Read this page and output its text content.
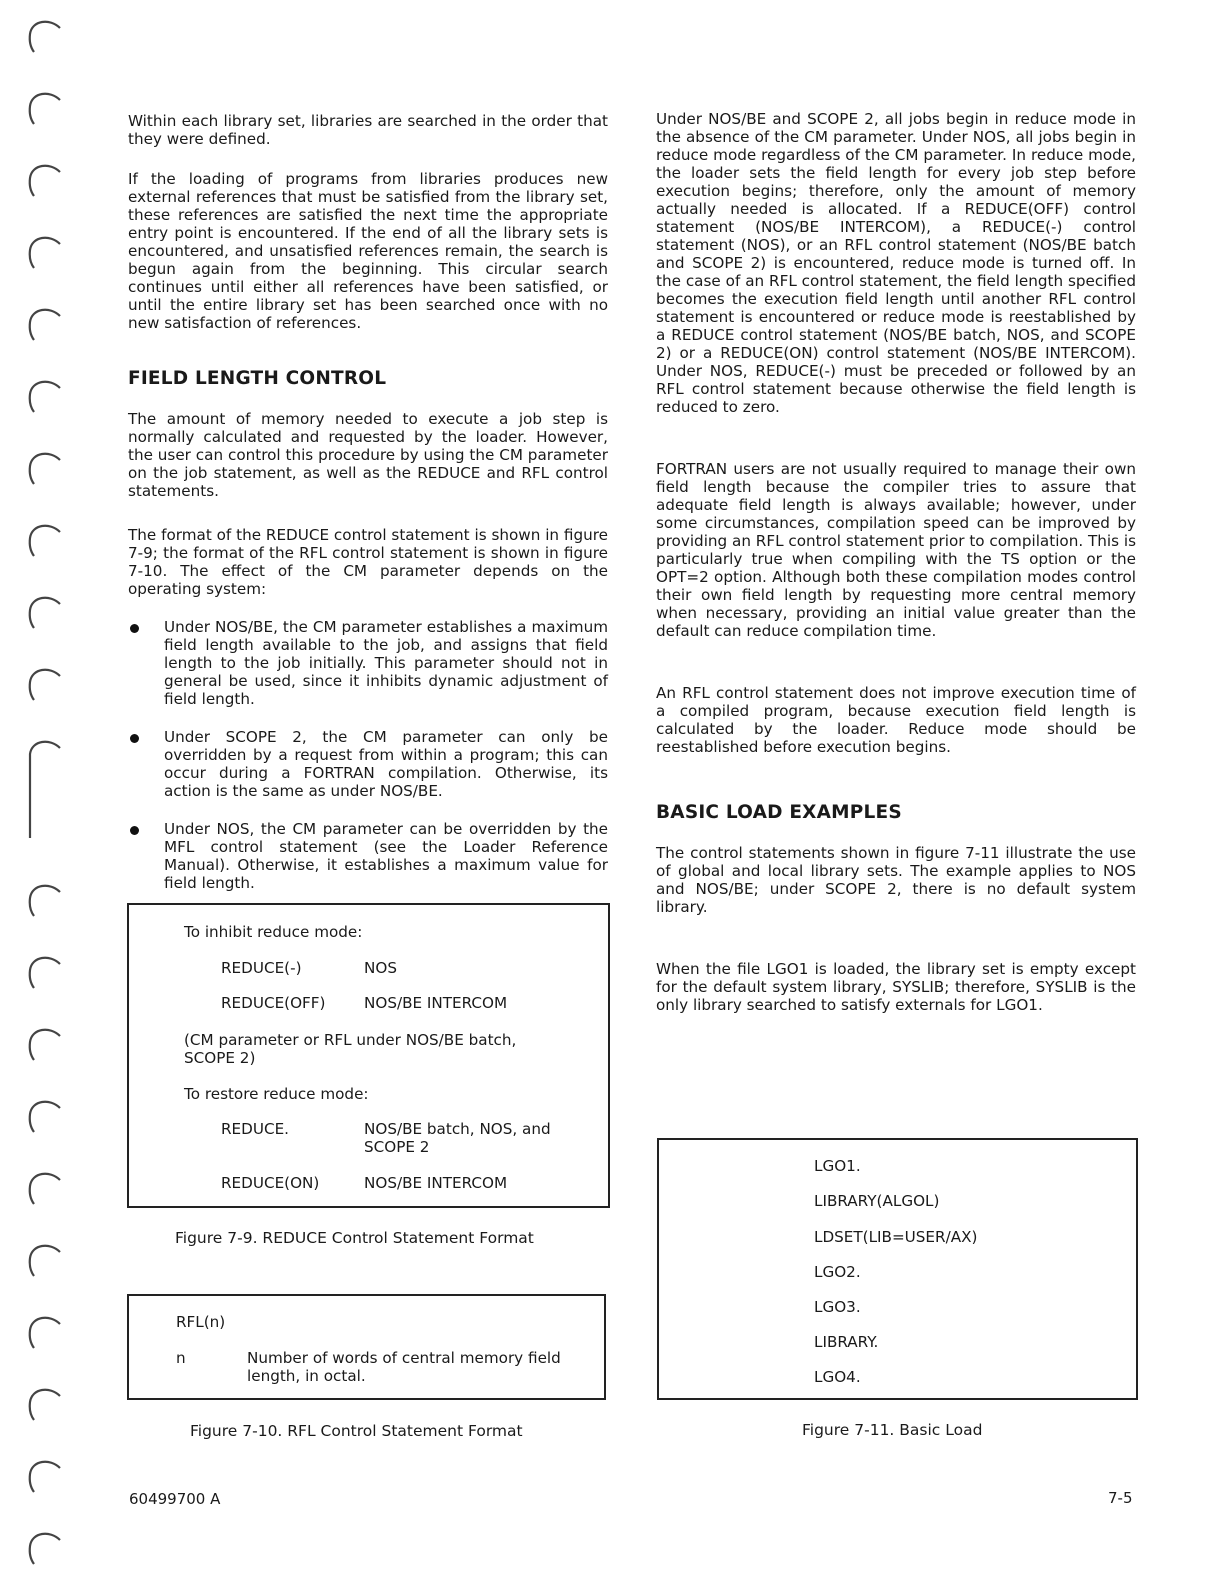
Within each library set, libraries are searched in the order that they were defined.

If the loading of programs from libraries produces new external references that must be satisfied from the library set, these references are satisfied the next time the appropriate entry point is encountered. If the end of all the library sets is encountered, and unsatisfied references remain, the search is begun again from the beginning. This circular search continues until either all references have been satisfied, or until the entire library set has been searched once with no new satisfaction of references.

FIELD LENGTH CONTROL

The amount of memory needed to execute a job step is normally calculated and requested by the loader. However, the user can control this procedure by using the CM parameter on the job statement, as well as the REDUCE and RFL control statements.

The format of the REDUCE control statement is shown in figure 7-9; the format of the RFL control statement is shown in figure 7-10. The effect of the CM parameter depends on the operating system:

Under NOS/BE, the CM parameter establishes a maximum field length available to the job, and assigns that field length to the job initially. This parameter should not in general be used, since it inhibits dynamic adjustment of field length.

Under SCOPE 2, the CM parameter can only be overridden by a request from within a program; this can occur during a FORTRAN compilation. Otherwise, its action is the same as under NOS/BE.

Under NOS, the CM parameter can be overridden by the MFL control statement (see the Loader Reference Manual). Otherwise, it establishes a maximum value for field length.

To inhibit reduce mode:
REDUCE(-)	NOS
REDUCE(OFF)	NOS/BE INTERCOM
(CM parameter or RFL under NOS/BE batch,
SCOPE 2)
To restore reduce mode:
REDUCE.	NOS/BE batch, NOS, and
SCOPE 2
REDUCE(ON)	NOS/BE INTERCOM
Figure 7-9. REDUCE Control Statement Format
RFL(n)
n	Number of words of central memory field
length, in octal.
Figure 7-10. RFL Control Statement Format

Under NOS/BE and SCOPE 2, all jobs begin in reduce mode in the absence of the CM parameter. Under NOS, all jobs begin in reduce mode regardless of the CM parameter. In reduce mode, the loader sets the field length for every job step before execution begins; therefore, only the amount of memory actually needed is allocated. If a REDUCE(OFF) control statement (NOS/BE INTERCOM), a REDUCE(-) control statement (NOS), or an RFL control statement (NOS/BE batch and SCOPE 2) is encountered, reduce mode is turned off. In the case of an RFL control statement, the field length specified becomes the execution field length until another RFL control statement is encountered or reduce mode is reestablished by a REDUCE control statement (NOS/BE batch, NOS, and SCOPE 2) or a REDUCE(ON) control statement (NOS/BE INTERCOM). Under NOS, REDUCE(-) must be preceded or followed by an RFL control statement because otherwise the field length is reduced to zero.

FORTRAN users are not usually required to manage their own field length because the compiler tries to assure that adequate field length is always available; however, under some circumstances, compilation speed can be improved by providing an RFL control statement prior to compilation. This is particularly true when compiling with the TS option or the OPT=2 option. Although both these compilation modes control their own field length by requesting more central memory when necessary, providing an initial value greater than the default can reduce compilation time.

An RFL control statement does not improve execution time of a compiled program, because execution field length is calculated by the loader. Reduce mode should be reestablished before execution begins.

BASIC LOAD EXAMPLES

The control statements shown in figure 7-11 illustrate the use of global and local library sets. The example applies to NOS and NOS/BE; under SCOPE 2, there is no default system library.

When the file LGO1 is loaded, the library set is empty except for the default system library, SYSLIB; therefore, SYSLIB is the only library searched to satisfy externals for LGO1.

LGO1.
LIBRARY(ALGOL)
LDSET(LIB=USER/AX)
LGO2.
LGO3.
LIBRARY.
LGO4.
Figure 7-11. Basic Load
60499700 A	7-5
